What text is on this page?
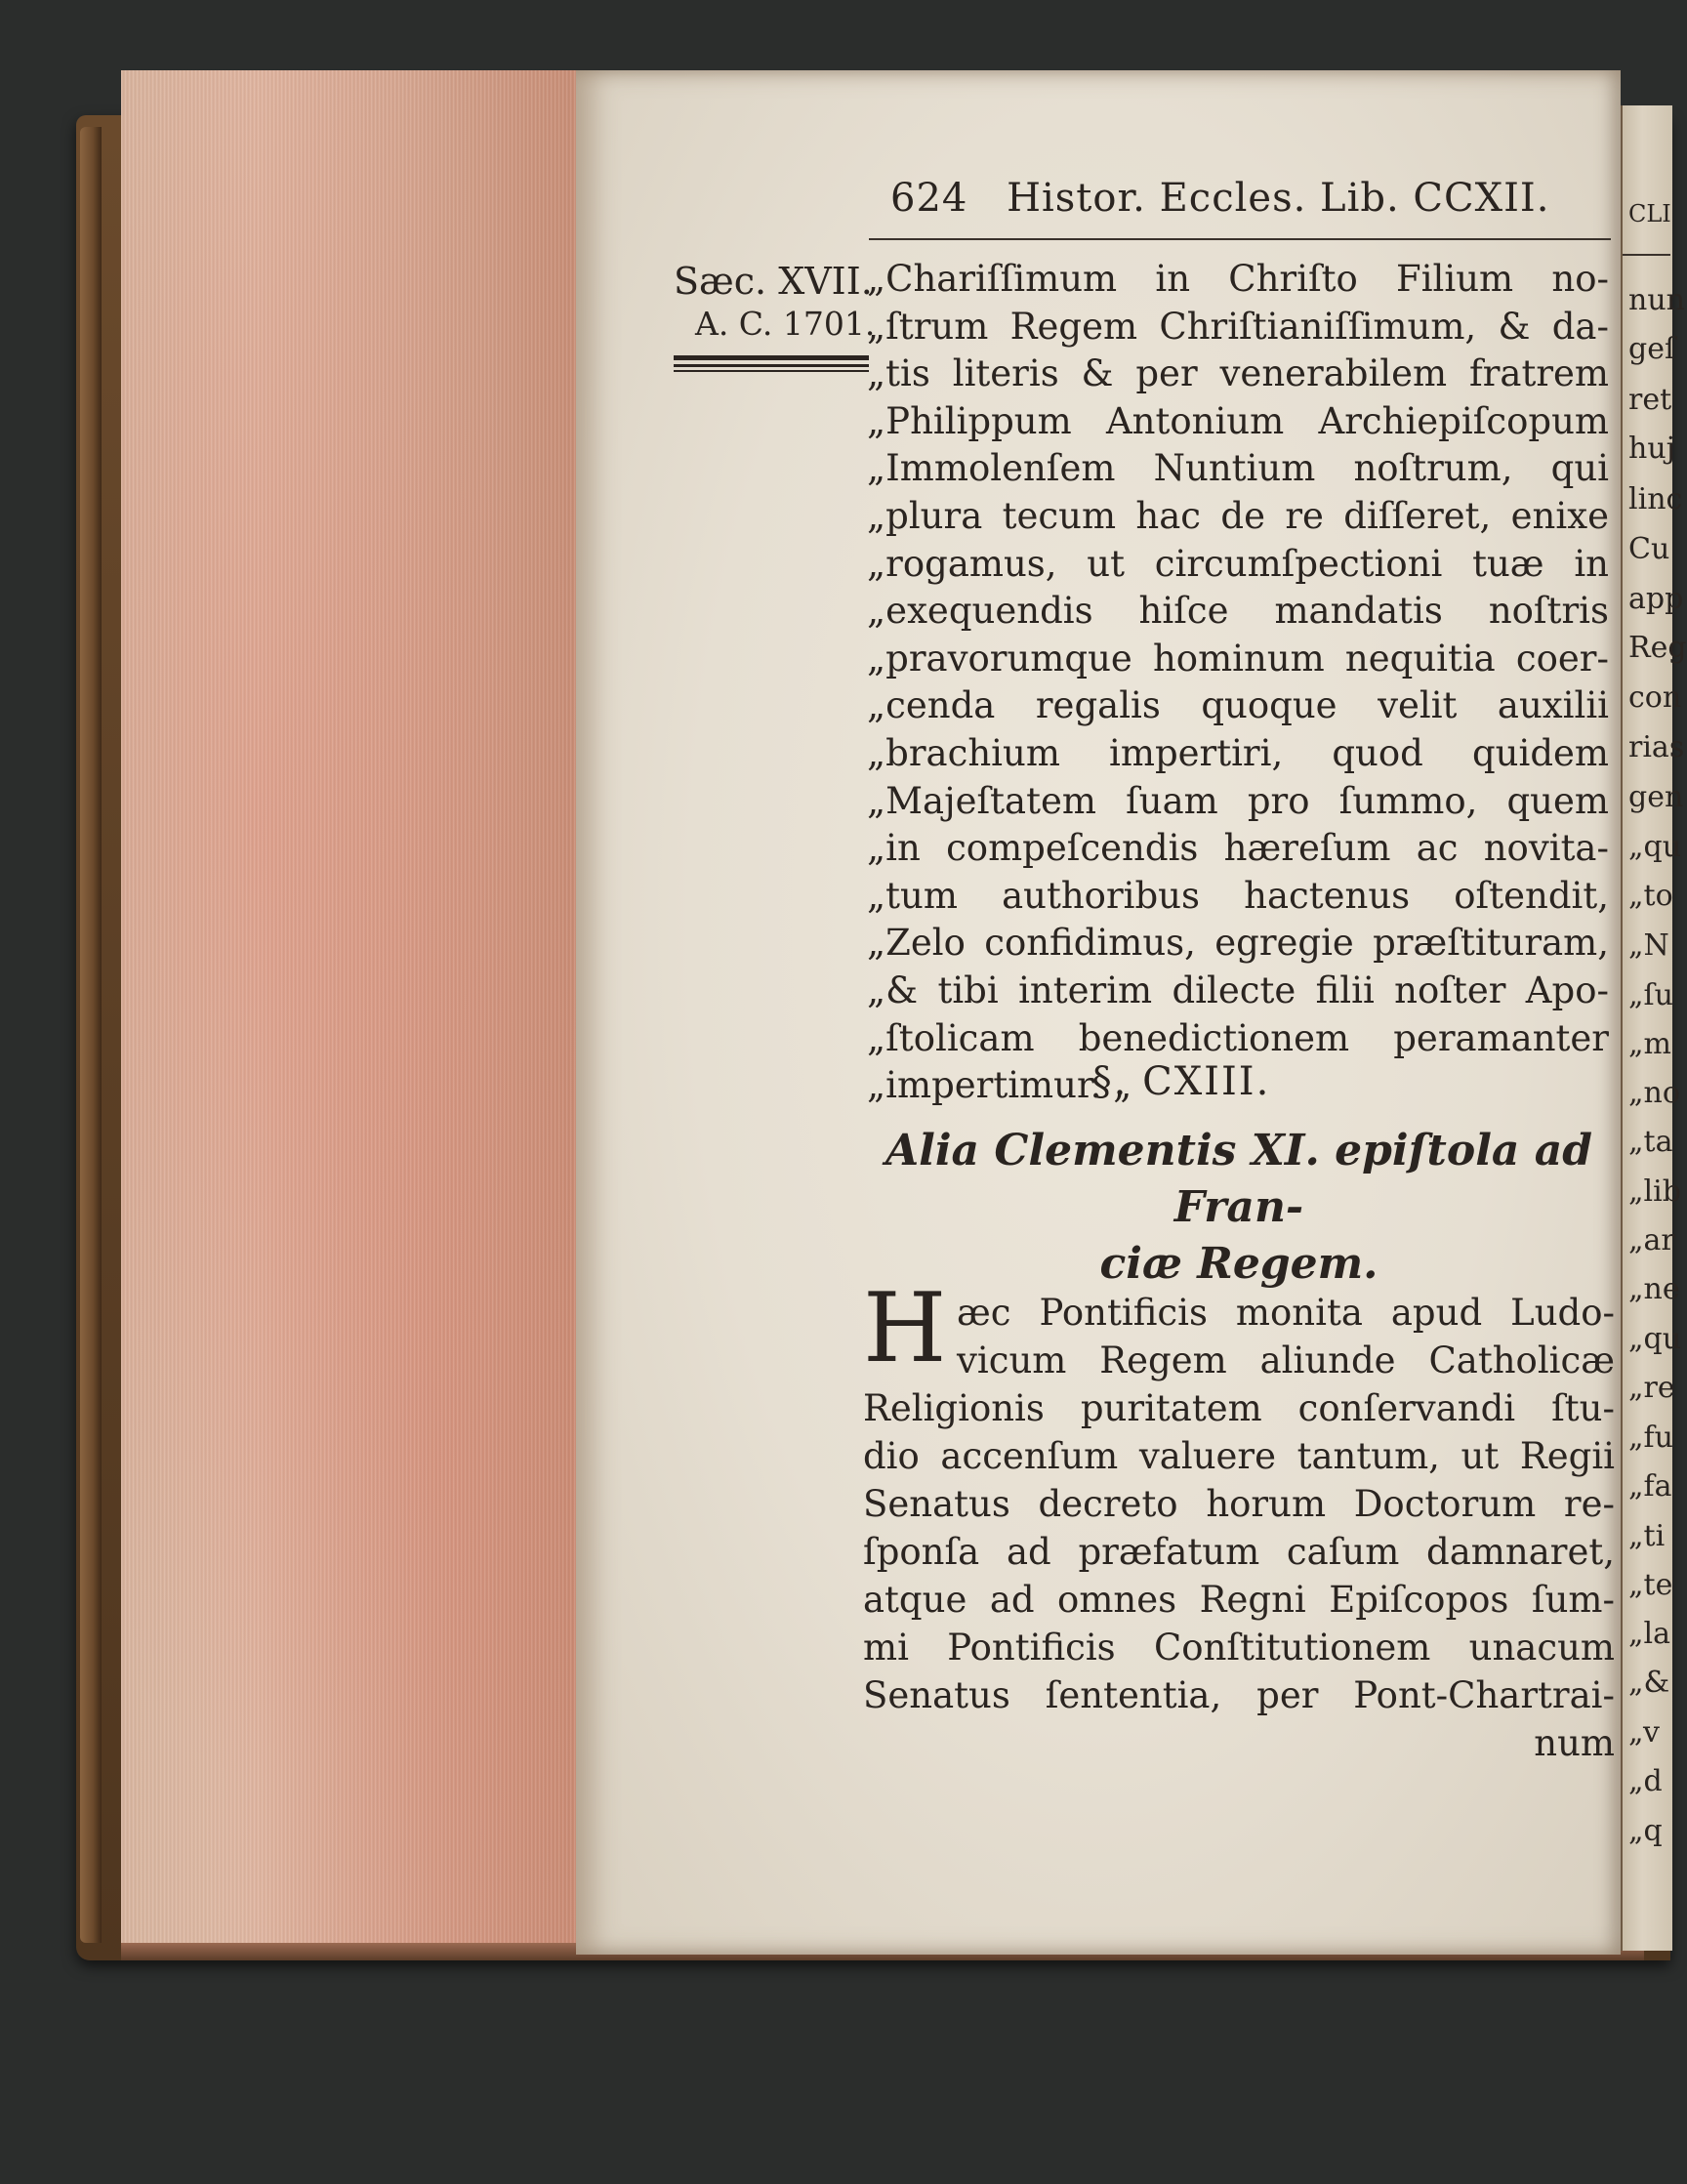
624 Histor. Eccles. Lib. CCXII.
Sæc. XVII.
A. C. 1701.
„Chariſſimum in Chriſto Filium no-
„ſtrum Regem Chriſtianiſſimum, & da-
„tis literis & per venerabilem fratrem
„Philippum Antonium Archiepiſcopum
„Immolenſem Nuntium noſtrum, qui
„plura tecum hac de re diſſeret, enixe
„rogamus, ut circumſpectioni tuæ in
„exequendis hiſce mandatis noſtris
„pravorumque hominum nequitia coer-
„cenda regalis quoque velit auxilii
„brachium impertiri, quod quidem
„Majeſtatem ſuam pro ſummo, quem
„in compeſcendis hæreſum ac novita-
„tum authoribus hactenus oſtendit,
„Zelo confidimus, egregie præſtituram,
„& tibi interim dilecte filii noſter Apo-
„ſtolicam benedictionem peramanter
„impertimur. „
§. CXIII.
Alia Clementis XI. epiſtola ad Fran-
ciæ Regem.
H æc Pontificis monita apud Ludo-
vicum Regem aliunde Catholicæ
Religionis puritatem conſervandi ſtu-
dio accenſum valuere tantum, ut Regii
Senatus decreto horum Doctorum re-
ſponſa ad præfatum caſum damnaret,
atque ad omnes Regni Epiſcopos ſum-
mi Pontificis Conſtitutionem unacum
Senatus ſententia, per Pont-Chartrai-
num
CLI
nun
geſ
ret
huj
linc
Cu
app
Reg
con
rias
gen
„qu
„to
„N
„ſu
„m
„no
„ta
„lib
„ar
„ne
„qu
„re
„fu
„fa
„ti
„te
„la
„&
„v
„d
„q
